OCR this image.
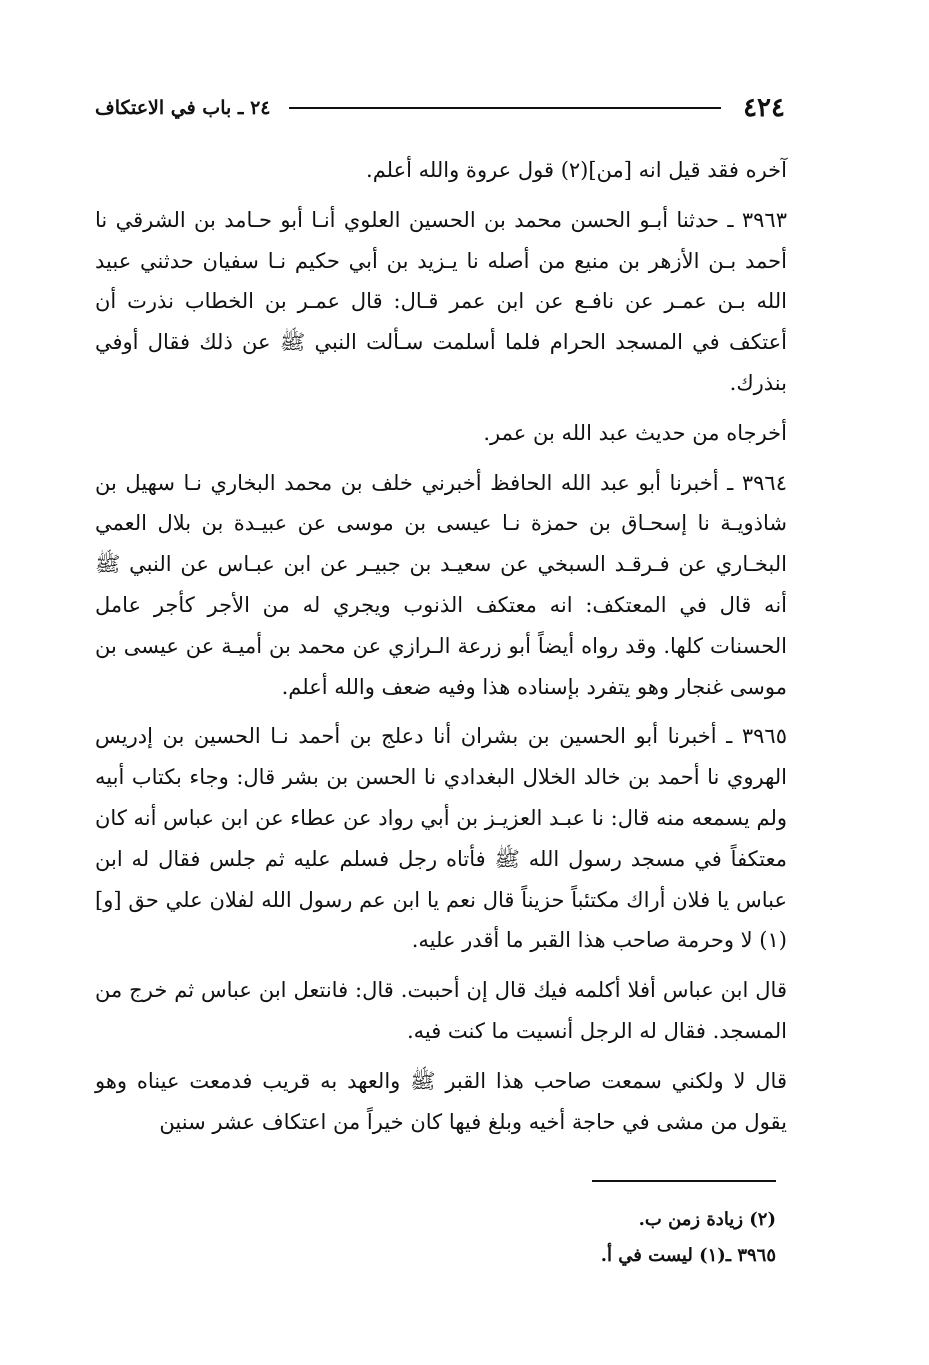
٤٢٤
٢٤ ـ باب في الاعتكاف

آخره فقد قيل انه [من](٢) قول عروة والله أعلم.

٣٩٦٣ ـ حدثنا أبـو الحسن محمد بن الحسين العلوي أنـا أبو حـامد بن الشرقي نا أحمد بـن الأزهر بن منيع من أصله نا يـزيد بن أبي حكيم نـا سفيان حدثني عبيد الله بـن عمـر عن نافـع عن ابن عمر قـال: قال عمـر بن الخطاب نذرت أن أعتكف في المسجد الحرام فلما أسلمت سـألت النبي ﷺ عن ذلك فقال أوفي بنذرك.

أخرجاه من حديث عبد الله بن عمر.

٣٩٦٤ ـ أخبرنا أبو عبد الله الحافظ أخبرني خلف بن محمد البخاري نـا سهيل بن شاذويـة نا إسحـاق بن حمزة نـا عيسى بن موسى عن عبيـدة بن بلال العمي البخـاري عن فـرقـد السبخي عن سعيـد بن جبيـر عن ابن عبـاس عن النبي ﷺ أنه قال في المعتكف: انه معتكف الذنوب ويجري له من الأجر كأجر عامل الحسنات كلها. وقد رواه أيضاً أبو زرعة الـرازي عن محمد بن أميـة عن عيسى بن موسى غنجار وهو يتفرد بإسناده هذا وفيه ضعف والله أعلم.

٣٩٦٥ ـ أخبرنا أبو الحسين بن بشران أنا دعلج بن أحمد نـا الحسين بن إدريس الهروي نا أحمد بن خالد الخلال البغدادي نا الحسن بن بشر قال: وجاء بكتاب أبيه ولم يسمعه منه قال: نا عبـد العزيـز بن أبي رواد عن عطاء عن ابن عباس أنه كان معتكفاً في مسجد رسول الله ﷺ فأتاه رجل فسلم عليه ثم جلس فقال له ابن عباس يا فلان أراك مكتئباً حزيناً قال نعم يا ابن عم رسول الله لفلان علي حق [و](١) لا وحرمة صاحب هذا القبر ما أقدر عليه.

قال ابن عباس أفلا أكلمه فيك قال إن أحببت. قال: فانتعل ابن عباس ثم خرج من المسجد. فقال له الرجل أنسيت ما كنت فيه.

قال لا ولكني سمعت صاحب هذا القبر ﷺ والعهد به قريب فدمعت عيناه وهو يقول من مشى في حاجة أخيه وبلغ فيها كان خيراً من اعتكاف عشر سنين

(٢) زيادة زمن ب.
٣٩٦٥ ـ(١) ليست في أ.
